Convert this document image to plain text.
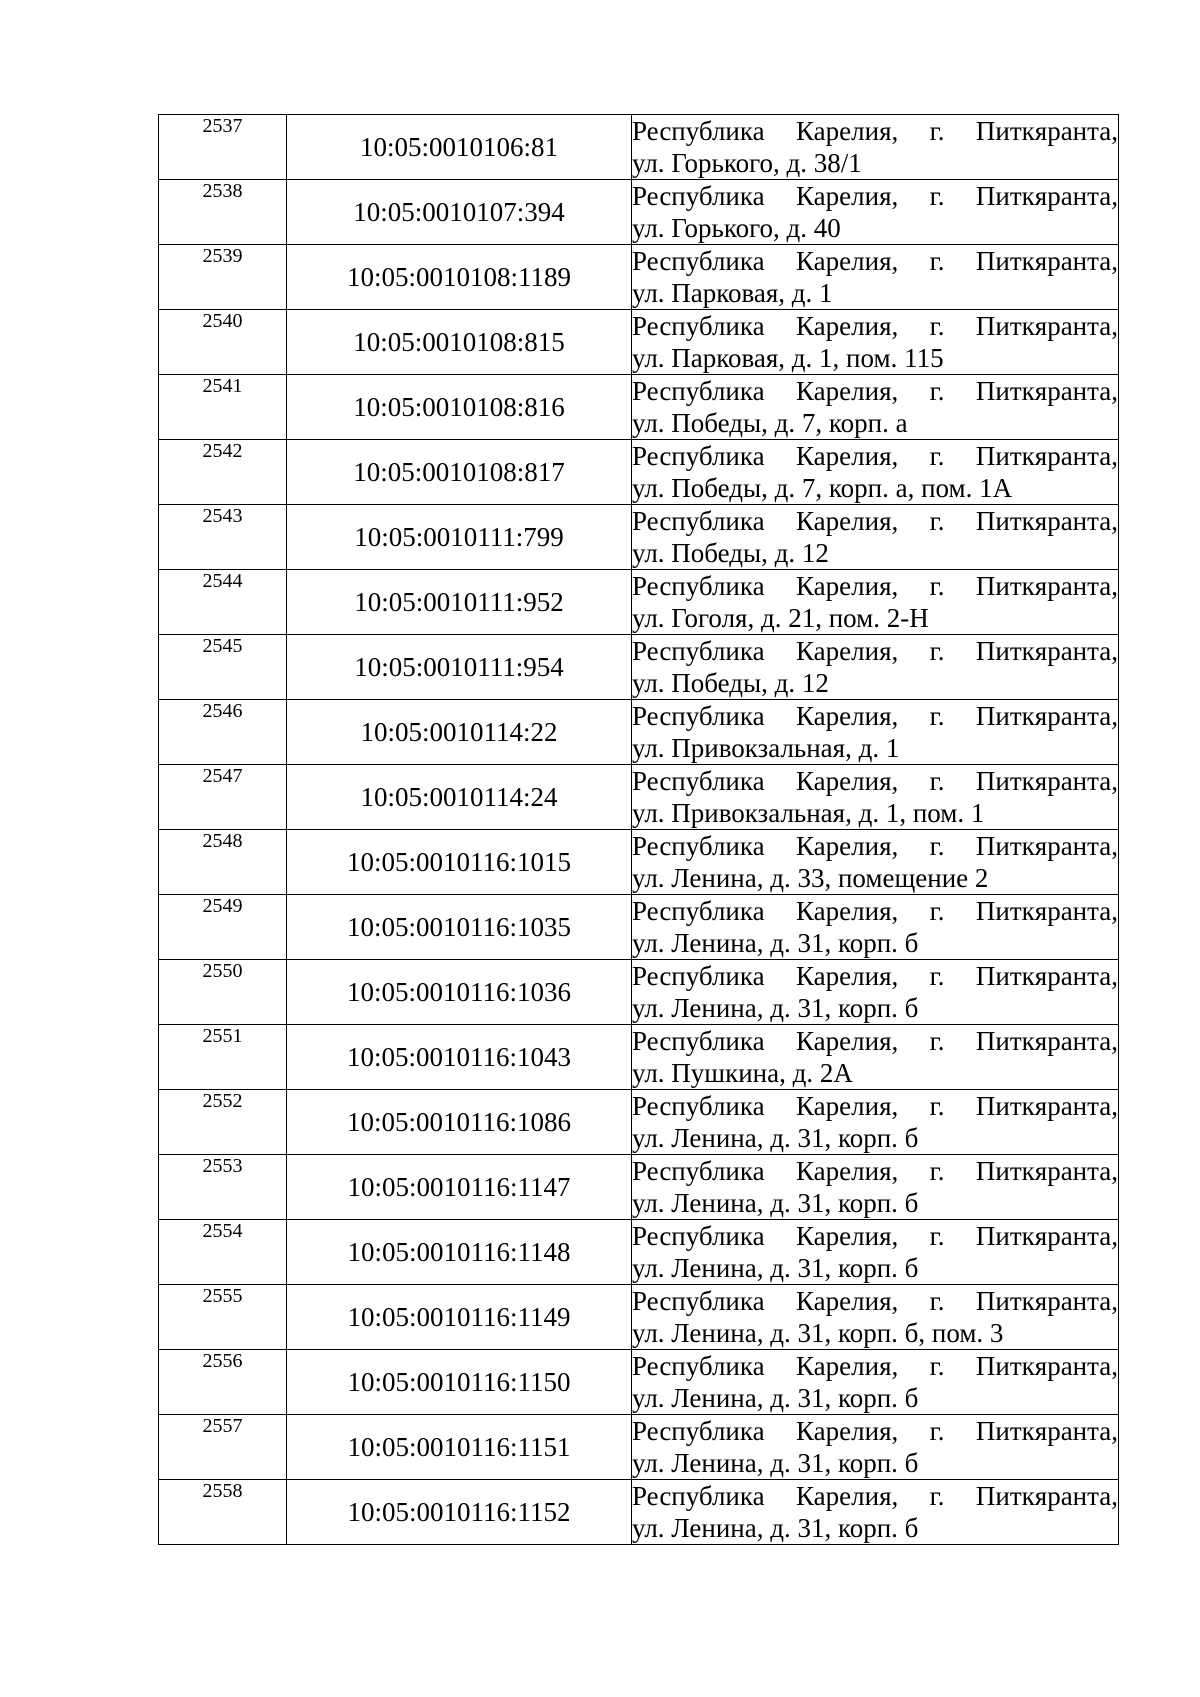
2537	10:05:0010106:81	Республика Карелия, г. Питкяранта,
ул. Горького, д. 38/1

2538	10:05:0010107:394	Республика Карелия, г. Питкяранта,
ул. Горького, д. 40

2539	10:05:0010108:1189	Республика Карелия, г. Питкяранта,
ул. Парковая, д. 1

2540	10:05:0010108:815	Республика Карелия, г. Питкяранта,
ул. Парковая, д. 1, пом. 115

2541	10:05:0010108:816	Республика Карелия, г. Питкяранта,
ул. Победы, д. 7, корп. а

2542	10:05:0010108:817	Республика Карелия, г. Питкяранта,
ул. Победы, д. 7, корп. а, пом. 1А

2543	10:05:0010111:799	Республика Карелия, г. Питкяранта,
ул. Победы, д. 12

2544	10:05:0010111:952	Республика Карелия, г. Питкяранта,
ул. Гоголя, д. 21, пом. 2-Н

2545	10:05:0010111:954	Республика Карелия, г. Питкяранта,
ул. Победы, д. 12

2546	10:05:0010114:22	Республика Карелия, г. Питкяранта,
ул. Привокзальная, д. 1

2547	10:05:0010114:24	Республика Карелия, г. Питкяранта,
ул. Привокзальная, д. 1, пом. 1

2548	10:05:0010116:1015	Республика Карелия, г. Питкяранта,
ул. Ленина, д. 33, помещение 2

2549	10:05:0010116:1035	Республика Карелия, г. Питкяранта,
ул. Ленина, д. 31, корп. б

2550	10:05:0010116:1036	Республика Карелия, г. Питкяранта,
ул. Ленина, д. 31, корп. б

2551	10:05:0010116:1043	Республика Карелия, г. Питкяранта,
ул. Пушкина, д. 2А

2552	10:05:0010116:1086	Республика Карелия, г. Питкяранта,
ул. Ленина, д. 31, корп. б

2553	10:05:0010116:1147	Республика Карелия, г. Питкяранта,
ул. Ленина, д. 31, корп. б

2554	10:05:0010116:1148	Республика Карелия, г. Питкяранта,
ул. Ленина, д. 31, корп. б

2555	10:05:0010116:1149	Республика Карелия, г. Питкяранта,
ул. Ленина, д. 31, корп. б, пом. 3

2556	10:05:0010116:1150	Республика Карелия, г. Питкяранта,
ул. Ленина, д. 31, корп. б

2557	10:05:0010116:1151	Республика Карелия, г. Питкяранта,
ул. Ленина, д. 31, корп. б

2558	10:05:0010116:1152	Республика Карелия, г. Питкяранта,
ул. Ленина, д. 31, корп. б
